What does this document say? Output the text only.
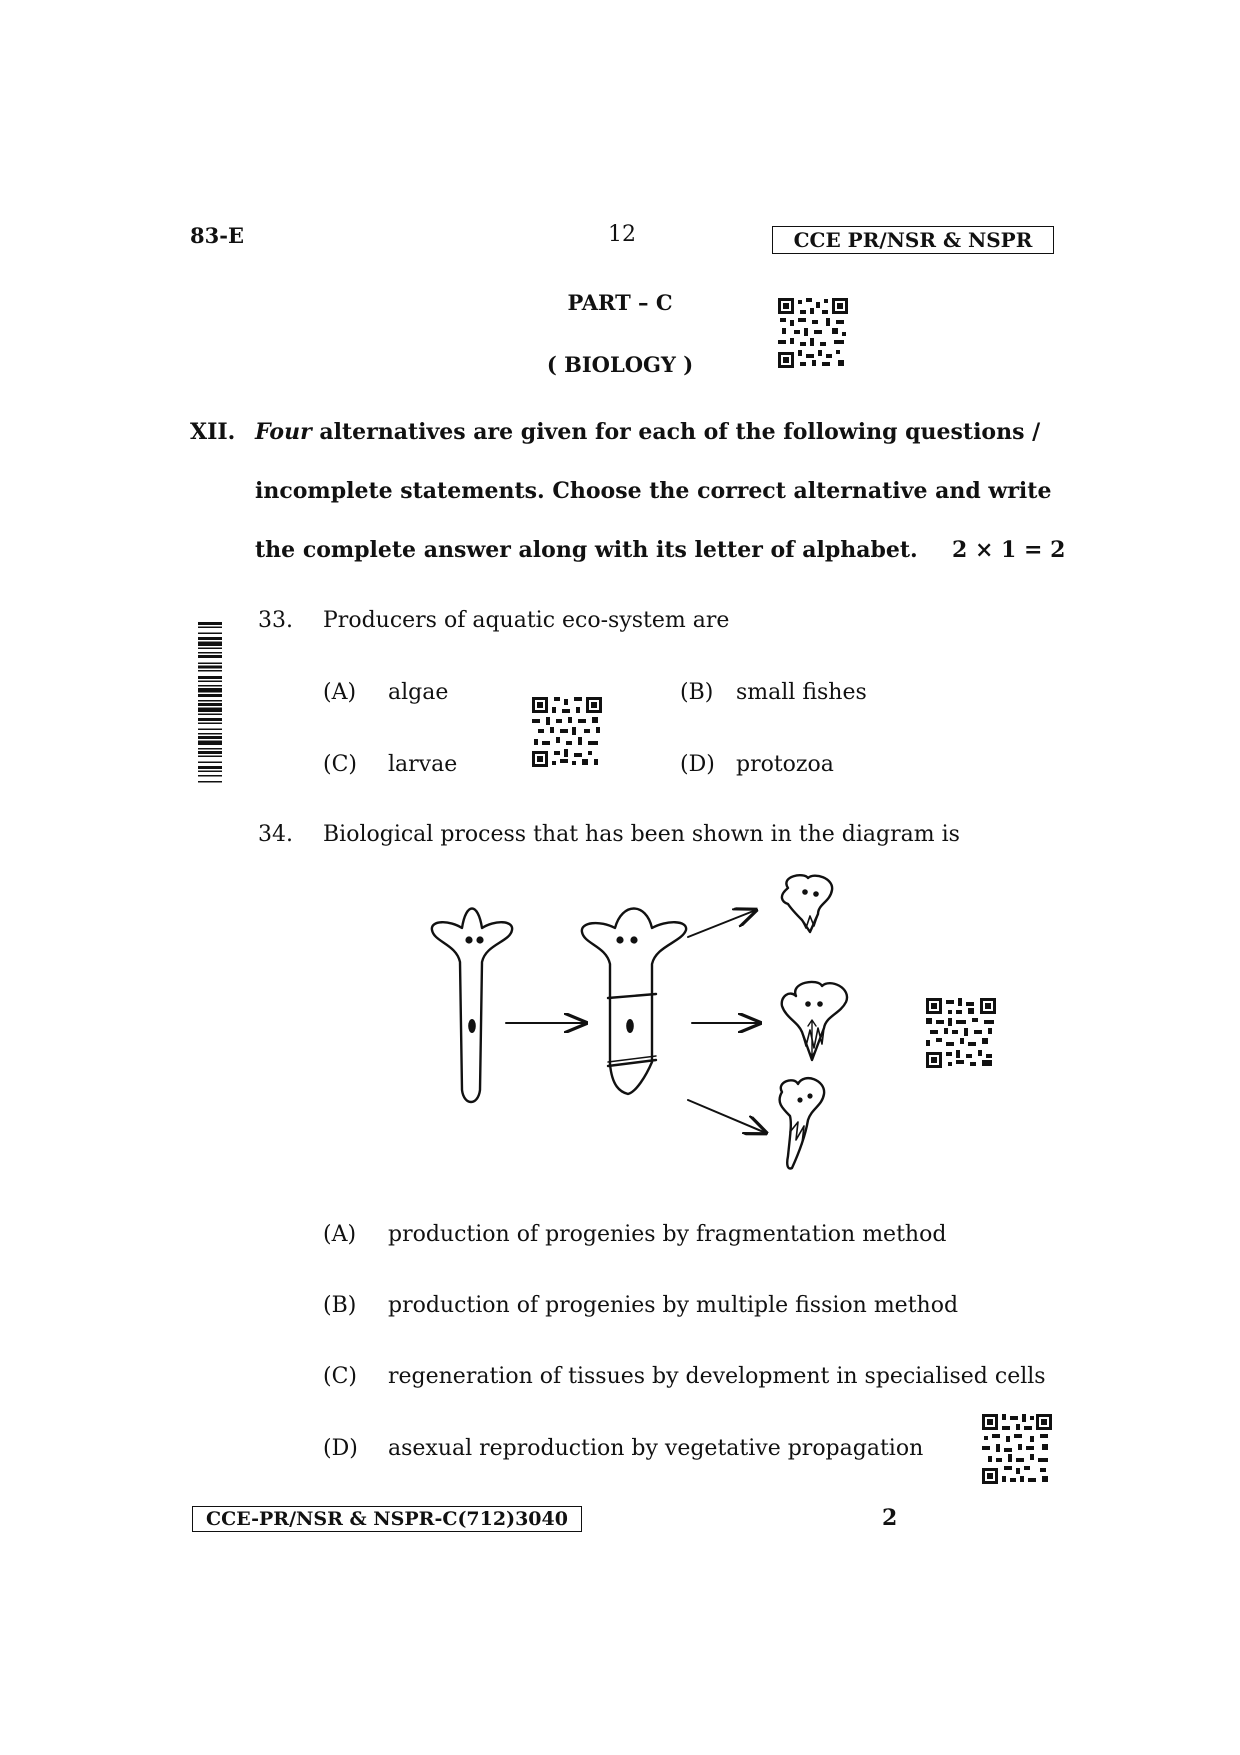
83-E	12	CCE PR/NSR & NSPR
PART – C
( BIOLOGY )
XII. Four alternatives are given for each of the following questions /
incomplete statements. Choose the correct alternative and write
the complete answer along with its letter of alphabet.	2 × 1 = 2
33. Producers of aquatic eco-system are
(A) algae	(B) small fishes
(C) larvae	(D) protozoa
34. Biological process that has been shown in the diagram is
(A) production of progenies by fragmentation method
(B) production of progenies by multiple fission method
(C) regeneration of tissues by development in specialised cells
(D) asexual reproduction by vegetative propagation
CCE-PR/NSR & NSPR-C(712)3040	2
